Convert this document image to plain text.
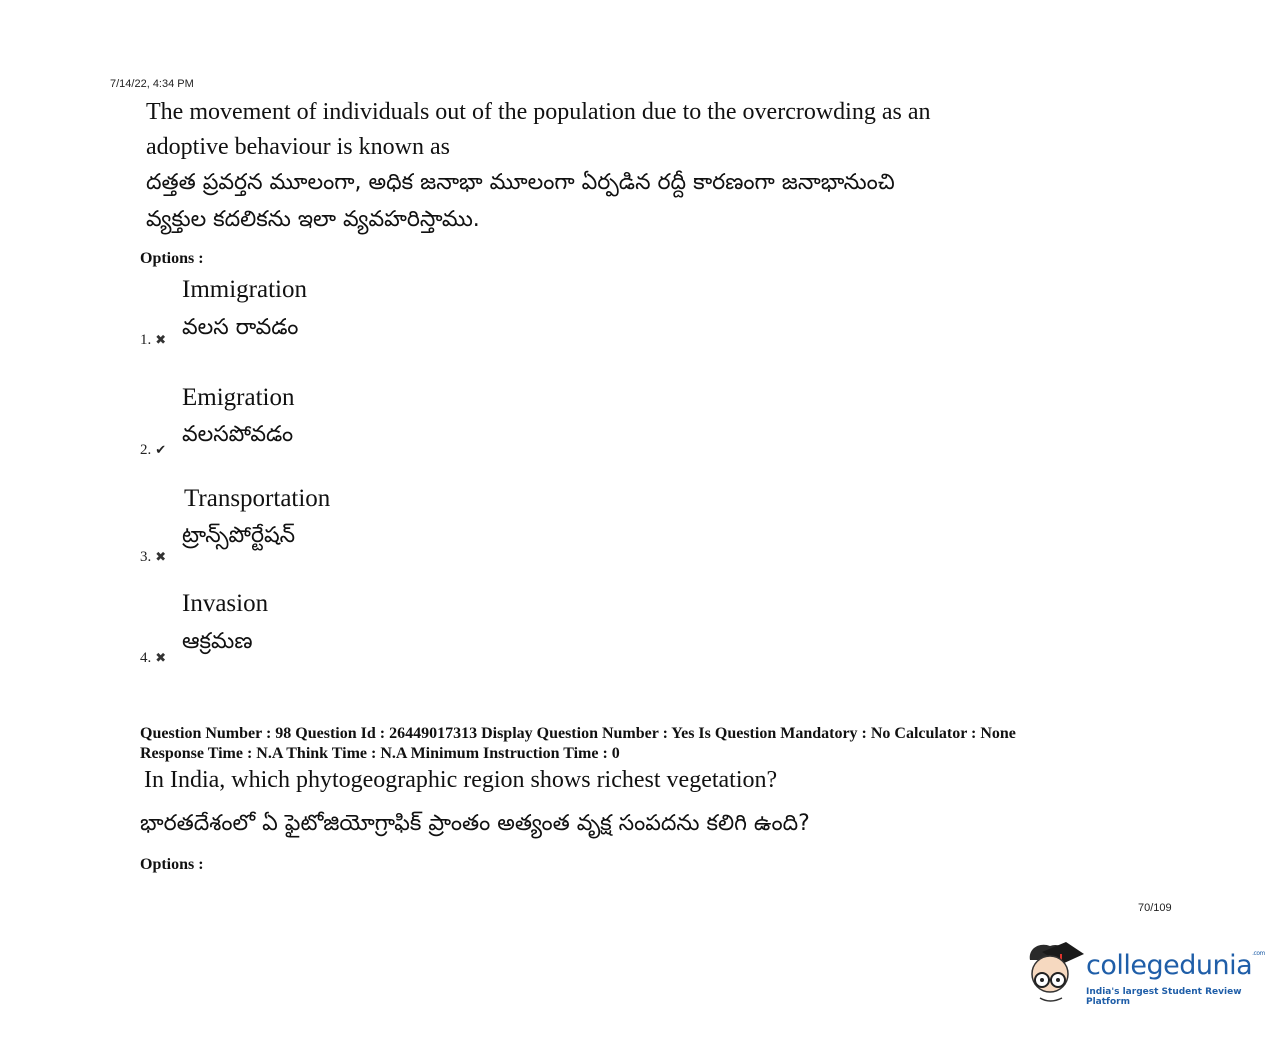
7/14/22, 4:34 PM
The movement of individuals out of the population due to the overcrowding as an
adoptive behaviour is known as
దత్తత ప్రవర్తన మూలంగా, అధిక జనాభా మూలంగా ఏర్పడిన రద్దీ కారణంగా జనాభానుంచి
వ్యక్తుల కదలికను ఇలా వ్యవహరిస్తాము.
Options :
Immigration
వలస రావడం
1. ✖
Emigration
వలసపోవడం
2. ✔
Transportation
ట్రాన్స్‌పోర్టేషన్
3. ✖
Invasion
ఆక్రమణ
4. ✖
Question Number : 98 Question Id : 26449017313 Display Question Number : Yes Is Question Mandatory : No Calculator : None
Response Time : N.A Think Time : N.A Minimum Instruction Time : 0
In India, which phytogeographic region shows richest vegetation?
భారతదేశంలో ఏ ఫైటోజియోగ్రాఫిక్ ప్రాంతం అత్యంత వృక్ష సంపదను కలిగి ఉంది?
Options :
70/109
collegedunia$^{.com}$
India's largest Student Review Platform
